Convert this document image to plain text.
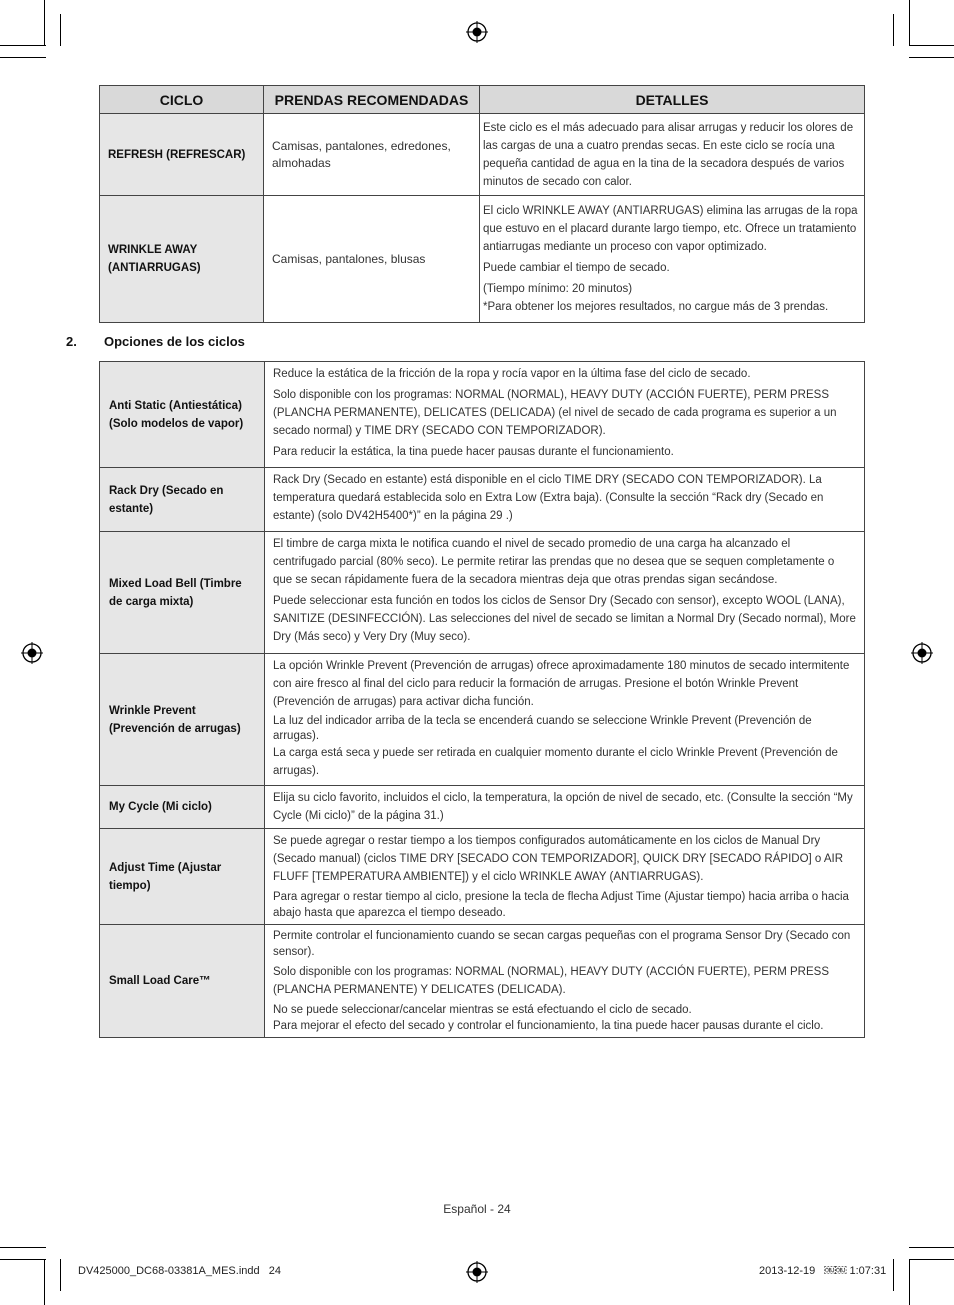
CICLO	PRENDAS RECOMENDADAS	DETALLES
REFRESH (REFRESCAR)	Camisas, pantalones, edredones, almohadas	Este ciclo es el más adecuado para alisar arrugas y reducir los olores de las cargas de una a cuatro prendas secas. En este ciclo se rocía una pequeña cantidad de agua en la tina de la secadora después de varios minutos de secado con calor.

WRINKLE AWAY (ANTIARRUGAS)	Camisas, pantalones, blusas	El ciclo WRINKLE AWAY (ANTIARRUGAS) elimina las arrugas de la ropa que estuvo en el placard durante largo tiempo, etc. Ofrece un tratamiento antiarrugas mediante un proceso con vapor optimizado.

Puede cambiar el tiempo de secado.

(Tiempo mínimo: 20 minutos)

*Para obtener los mejores resultados, no cargue más de 3 prendas.

2. Opciones de los ciclos
Anti Static (Antiestática) (Solo modelos de vapor)	Reduce la estática de la fricción de la ropa y rocía vapor en la última fase del ciclo de secado.

Solo disponible con los programas: NORMAL (NORMAL), HEAVY DUTY (ACCIÓN FUERTE), PERM PRESS (PLANCHA PERMANENTE), DELICATES (DELICADA) (el nivel de secado de cada programa es superior a un secado normal) y TIME DRY (SECADO CON TEMPORIZADOR).

Para reducir la estática, la tina puede hacer pausas durante el funcionamiento.

Rack Dry (Secado en estante)	Rack Dry (Secado en estante) está disponible en el ciclo TIME DRY (SECADO CON TEMPORIZADOR). La temperatura quedará establecida solo en Extra Low (Extra baja). (Consulte la sección “Rack dry (Secado en estante) (solo DV42H5400*)” en la página 29 .)

Mixed Load Bell (Timbre de carga mixta)	El timbre de carga mixta le notifica cuando el nivel de secado promedio de una carga ha alcanzado el centrifugado parcial (80% seco). Le permite retirar las prendas que no desea que se sequen completamente o que se secan rápidamente fuera de la secadora mientras deja que otras prendas sigan secándose.

Puede seleccionar esta función en todos los ciclos de Sensor Dry (Secado con sensor), excepto WOOL (LANA), SANITIZE (DESINFECCIÓN). Las selecciones del nivel de secado se limitan a Normal Dry (Secado normal), More Dry (Más seco) y Very Dry (Muy seco).

Wrinkle Prevent (Prevención de arrugas)	La opción Wrinkle Prevent (Prevención de arrugas) ofrece aproximadamente 180 minutos de secado intermitente con aire fresco al final del ciclo para reducir la formación de arrugas. Presione el botón Wrinkle Prevent (Prevención de arrugas) para activar dicha función.

La luz del indicador arriba de la tecla se encenderá cuando se seleccione Wrinkle Prevent (Prevención de arrugas).

La carga está seca y puede ser retirada en cualquier momento durante el ciclo Wrinkle Prevent (Prevención de arrugas).

My Cycle (Mi ciclo)	Elija su ciclo favorito, incluidos el ciclo, la temperatura, la opción de nivel de secado, etc. (Consulte la sección “My Cycle (Mi ciclo)” de la página 31.)

Adjust Time (Ajustar tiempo)	Se puede agregar o restar tiempo a los tiempos configurados automáticamente en los ciclos de Manual Dry (Secado manual) (ciclos TIME DRY [SECADO CON TEMPORIZADOR], QUICK DRY [SECADO RÁPIDO] o AIR FLUFF [TEMPERATURA AMBIENTE]) y el ciclo WRINKLE AWAY (ANTIARRUGAS).

Para agregar o restar tiempo al ciclo, presione la tecla de flecha Adjust Time (Ajustar tiempo) hacia arriba o hacia abajo hasta que aparezca el tiempo deseado.

Small Load Care™	Permite controlar el funcionamiento cuando se secan cargas pequeñas con el programa Sensor Dry (Secado con sensor).

Solo disponible con los programas: NORMAL (NORMAL), HEAVY DUTY (ACCIÓN FUERTE), PERM PRESS (PLANCHA PERMANENTE) Y DELICATES (DELICADA).

No se puede seleccionar/cancelar mientras se está efectuando el ciclo de secado.

Para mejorar el efecto del secado y controlar el funcionamiento, la tina puede hacer pausas durante el ciclo.

Español - 24
DV425000_DC68-03381A_MES.indd   24	2013-12-19   ￼￼ 1:07:31
